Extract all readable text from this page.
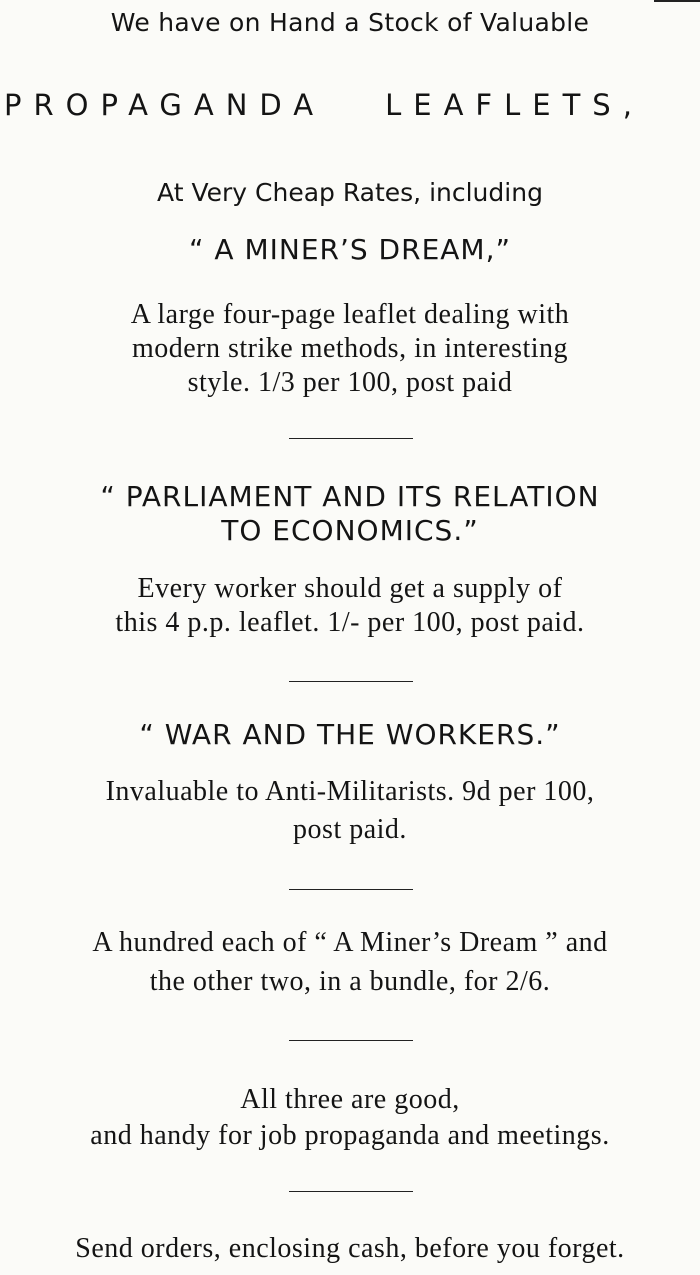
We have on Hand a Stock of Valuable
PROPAGANDA LEAFLETS,
At Very Cheap Rates, including
“ A MINER’S DREAM,”
A large four-page leaflet dealing with
modern strike methods, in interesting
style. 1/3 per 100, post paid
“ PARLIAMENT AND ITS RELATION
TO ECONOMICS.”
Every worker should get a supply of
this 4 p.p. leaflet. 1/- per 100, post paid.
“ WAR AND THE WORKERS.”
Invaluable to Anti-Militarists. 9d per 100,
post paid.
A hundred each of “ A Miner’s Dream ” and
the other two, in a bundle, for 2/6.
All three are good,
and handy for job propaganda and meetings.
Send orders, enclosing cash, before you forget.
